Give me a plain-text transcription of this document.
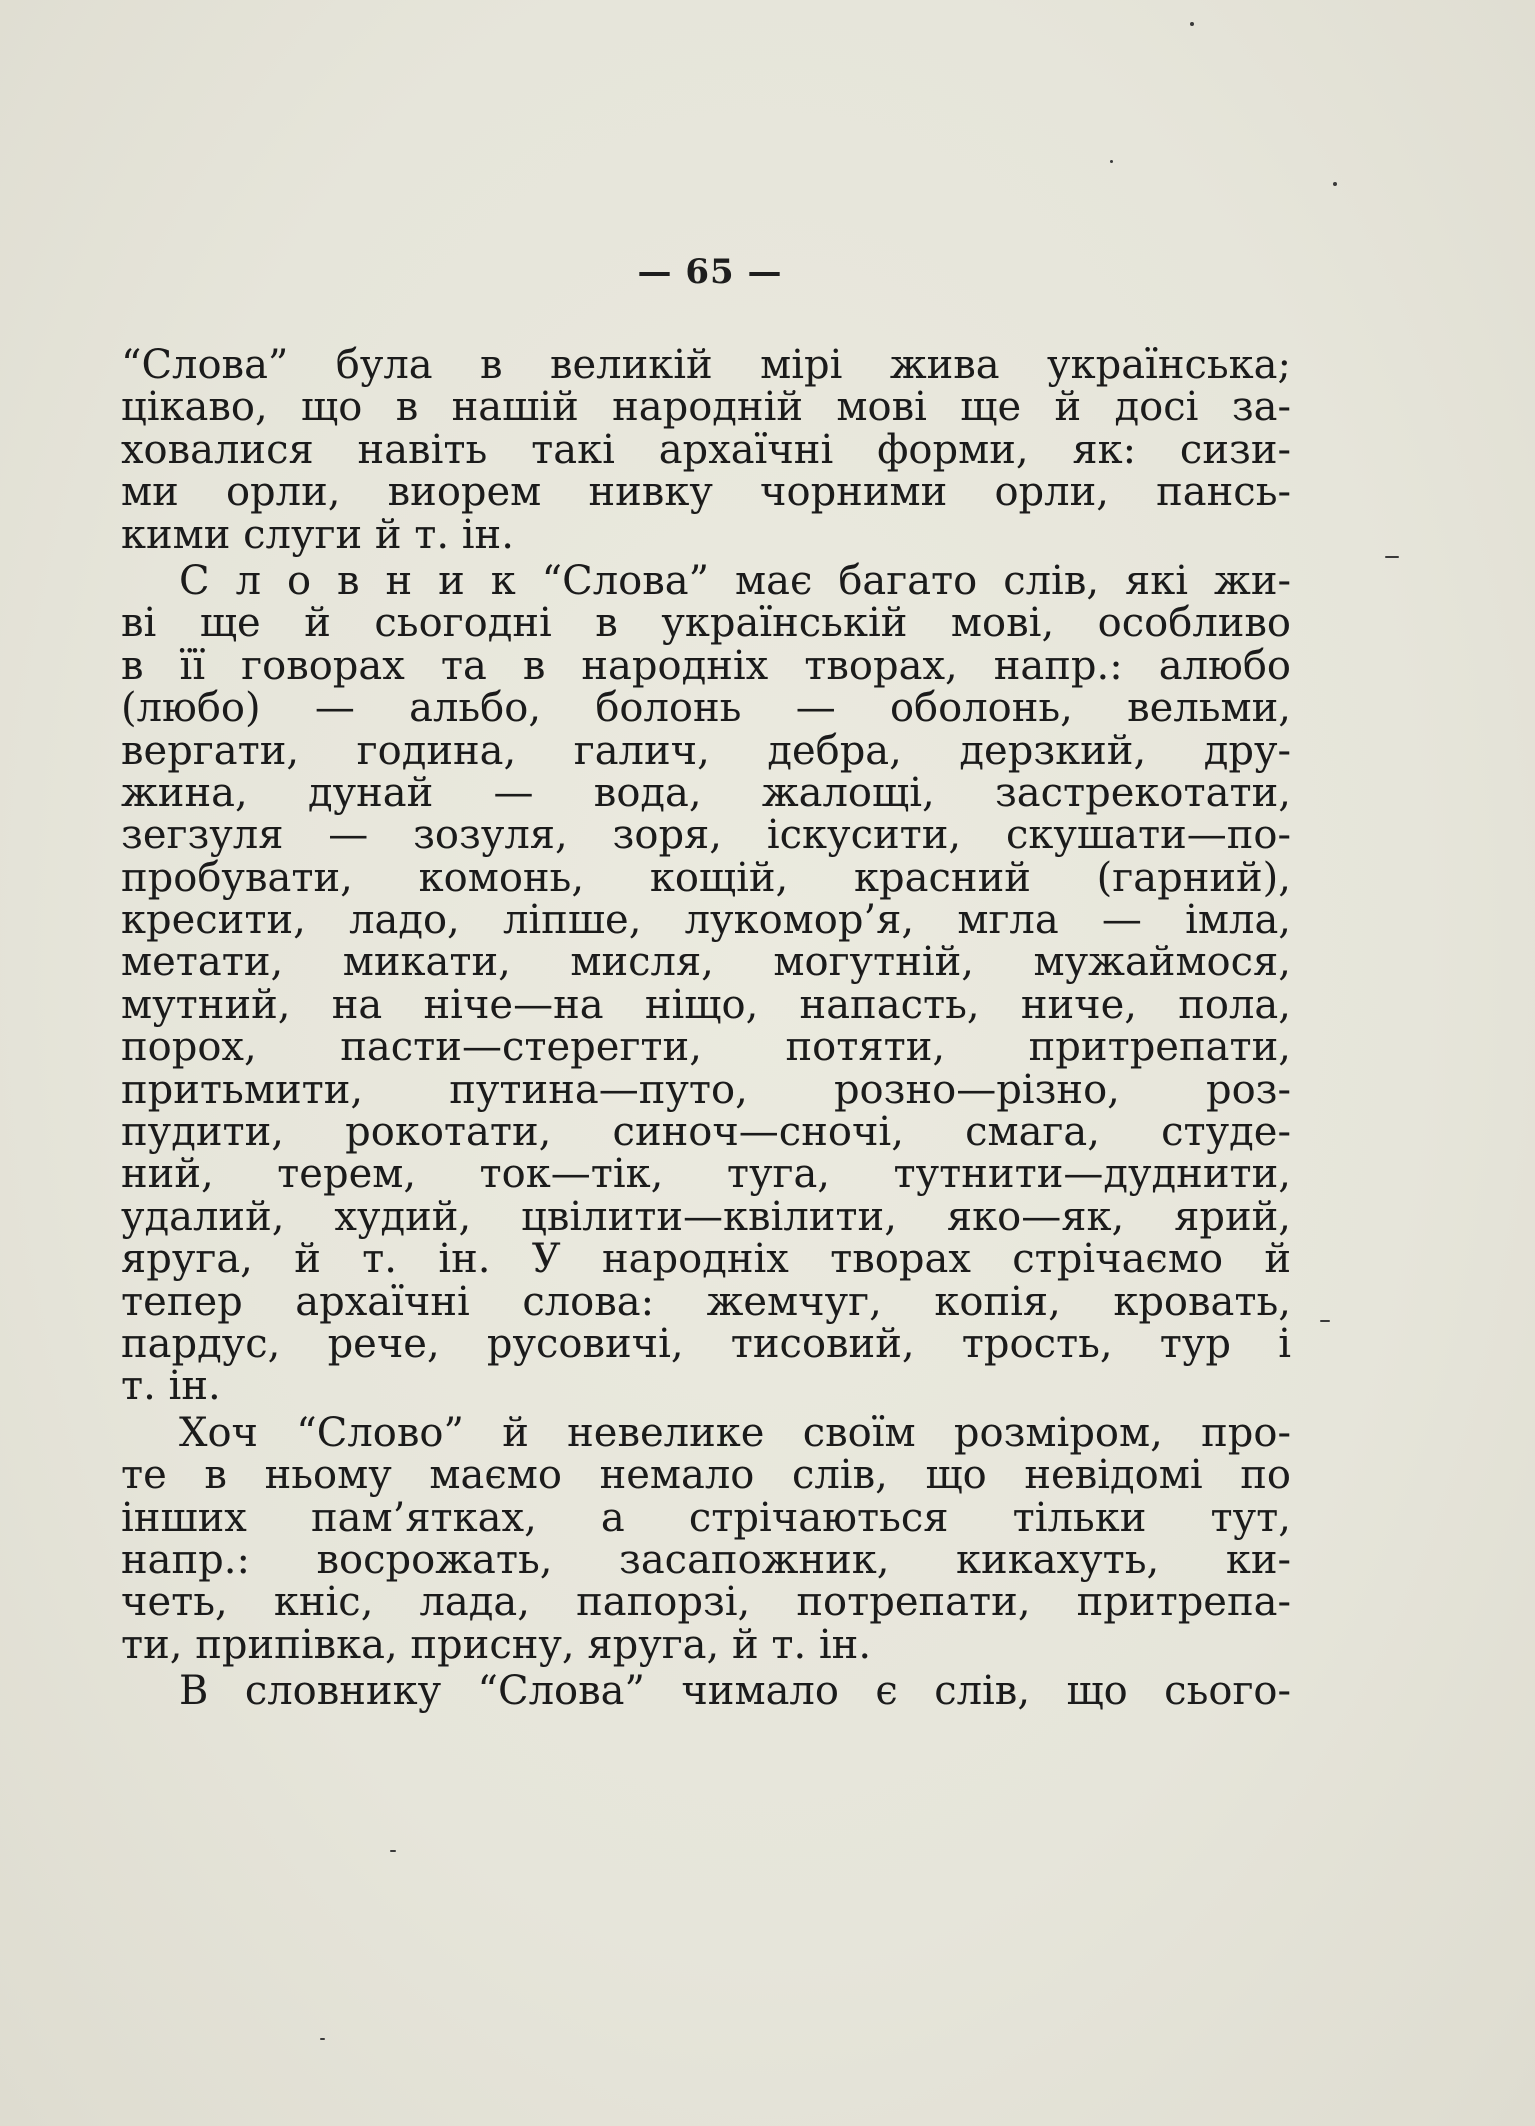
— 65 —
“Слова” була в великій мірі жива українська;
цікаво, що в нашій народній мові ще й досі за-
ховалися навіть такі архаїчні форми, як: сизи-
ми орли, виорем нивку чорними орли, пансь-
кими слуги й т. ін.
С л о в н и к “Слова” має багато слів, які жи-
ві ще й сьогодні в українській мові, особливо
в її говорах та в народніх творах, напр.: алюбо
(любо) — альбо, болонь — оболонь, вельми,
вергати, година, галич, дебра, дерзкий, дру-
жина, дунай — вода, жалощі, застрекотати,
зегзуля — зозуля, зоря, іскусити, скушати—по-
пробувати, комонь, кощій, красний (гарний),
кресити, ладо, ліпше, лукомор’я, мгла — імла,
метати, микати, мисля, могутній, мужаймося,
мутний, на ніче—на ніщо, напасть, ниче, пола,
порох, пасти—стерегти, потяти, притрепати,
притьмити, путина—путо, розно—різно, роз-
пудити, рокотати, синоч—сночі, смага, студе-
ний, терем, ток—тік, туга, тутнити—дуднити,
удалий, худий, цвілити—квілити, яко—як, ярий,
яруга, й т. ін. У народніх творах стрічаємо й
тепер архаїчні слова: жемчуг, копія, кровать,
пардус, рече, русовичі, тисовий, трость, тур і
т. ін.
Хоч “Слово” й невелике своїм розміром, про-
те в ньому маємо немало слів, що невідомі по
інших пам’ятках, а стрічаються тільки тут,
напр.: восрожать, засапожник, кикахуть, ки-
четь, кніс, лада, папорзі, потрепати, притрепа-
ти, припівка, присну, яруга, й т. ін.
В словнику “Слова” чимало є слів, що сього-
